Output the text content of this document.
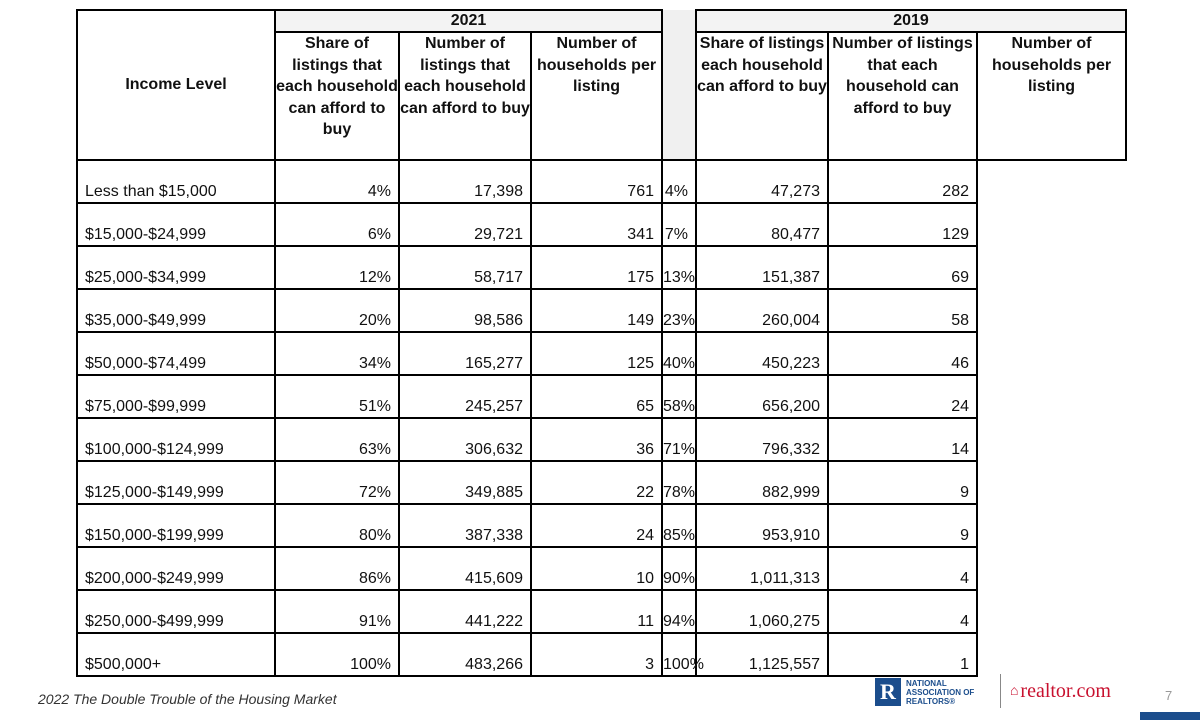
Income Level	2021				2019		
	Share of listings that each household can afford to buy	Number of listings that each household can afford to buy	Number of households per listing		Share of listings each household can afford to buy	Number of listings that each household can afford to buy	Number of households per listing
Less than $15,000	4%	17,398	761	4%	47,273	282	
$15,000-$24,999	6%	29,721	341	7%	80,477	129	
$25,000-$34,999	12%	58,717	175	13%	151,387	69	
$35,000-$49,999	20%	98,586	149	23%	260,004	58	
$50,000-$74,499	34%	165,277	125	40%	450,223	46	
$75,000-$99,999	51%	245,257	65	58%	656,200	24	
$100,000-$124,999	63%	306,632	36	71%	796,332	14	
$125,000-$149,999	72%	349,885	22	78%	882,999	9	
$150,000-$199,999	80%	387,338	24	85%	953,910	9	
$200,000-$249,999	86%	415,609	10	90%	1,011,313	4	
$250,000-$499,999	91%	441,222	11	94%	1,060,275	4	
$500,000+	100%	483,266	3	100%	1,125,557	1	
2022 The Double Trouble of the Housing Market	R	NATIONAL
ASSOCIATION OF
REALTORS®
⌂ realtor.com	7
